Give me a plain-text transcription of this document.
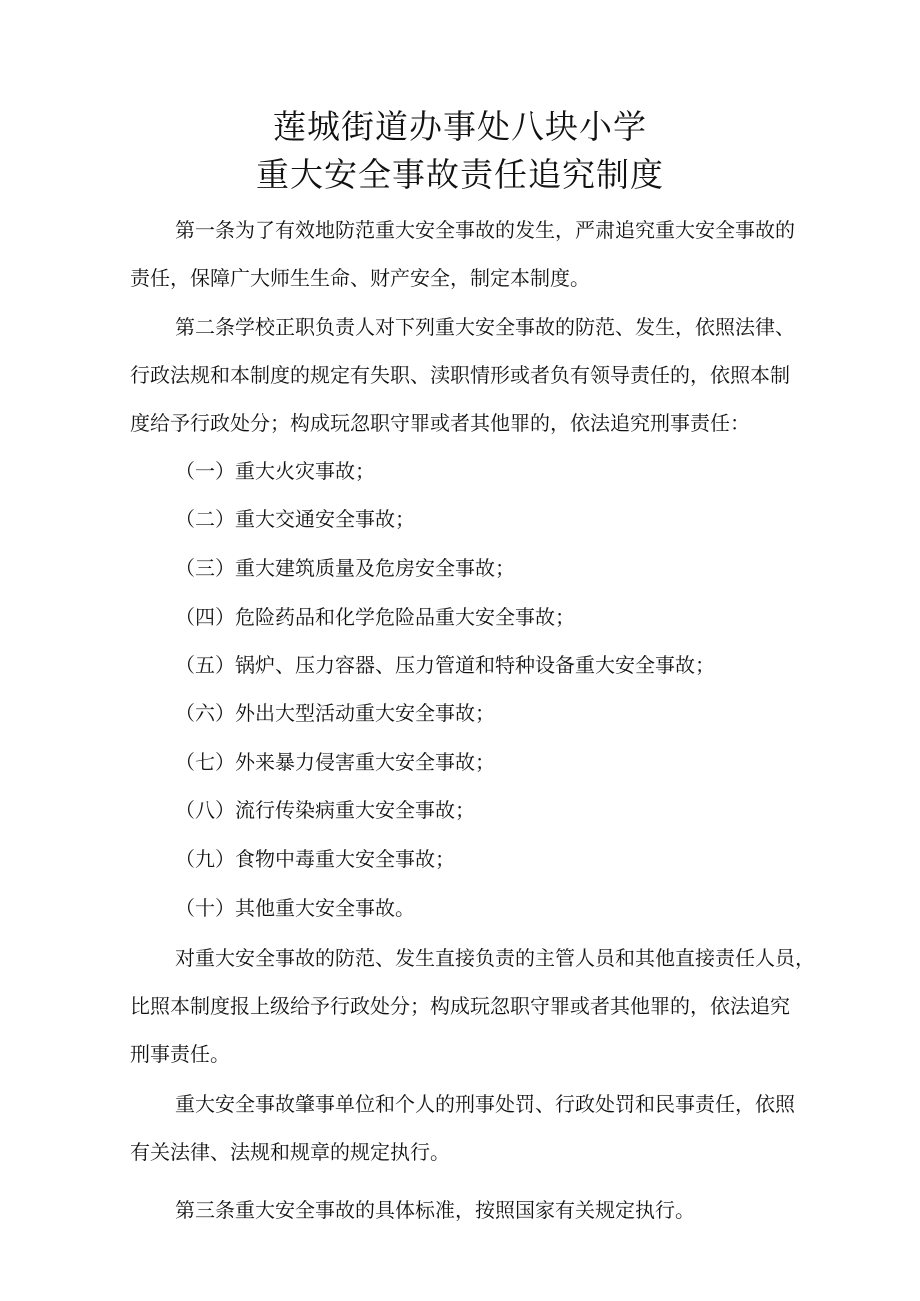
莲城街道办事处八块小学
重大安全事故责任追究制度
第一条为了有效地防范重大安全事故的发生，严肃追究重大安全事故的
责任，保障广大师生生命、财产安全，制定本制度。
第二条学校正职负责人对下列重大安全事故的防范、发生，依照法律、
行政法规和本制度的规定有失职、渎职情形或者负有领导责任的，依照本制
度给予行政处分；构成玩忽职守罪或者其他罪的，依法追究刑事责任：
（一）重大火灾事故；
（二）重大交通安全事故；
（三）重大建筑质量及危房安全事故；
（四）危险药品和化学危险品重大安全事故；
（五）锅炉、压力容器、压力管道和特种设备重大安全事故；
（六）外出大型活动重大安全事故；
（七）外来暴力侵害重大安全事故；
（八）流行传染病重大安全事故；
（九）食物中毒重大安全事故；
（十）其他重大安全事故。
对重大安全事故的防范、发生直接负责的主管人员和其他直接责任人员，
比照本制度报上级给予行政处分；构成玩忽职守罪或者其他罪的，依法追究
刑事责任。
重大安全事故肇事单位和个人的刑事处罚、行政处罚和民事责任，依照
有关法律、法规和规章的规定执行。
第三条重大安全事故的具体标准，按照国家有关规定执行。
